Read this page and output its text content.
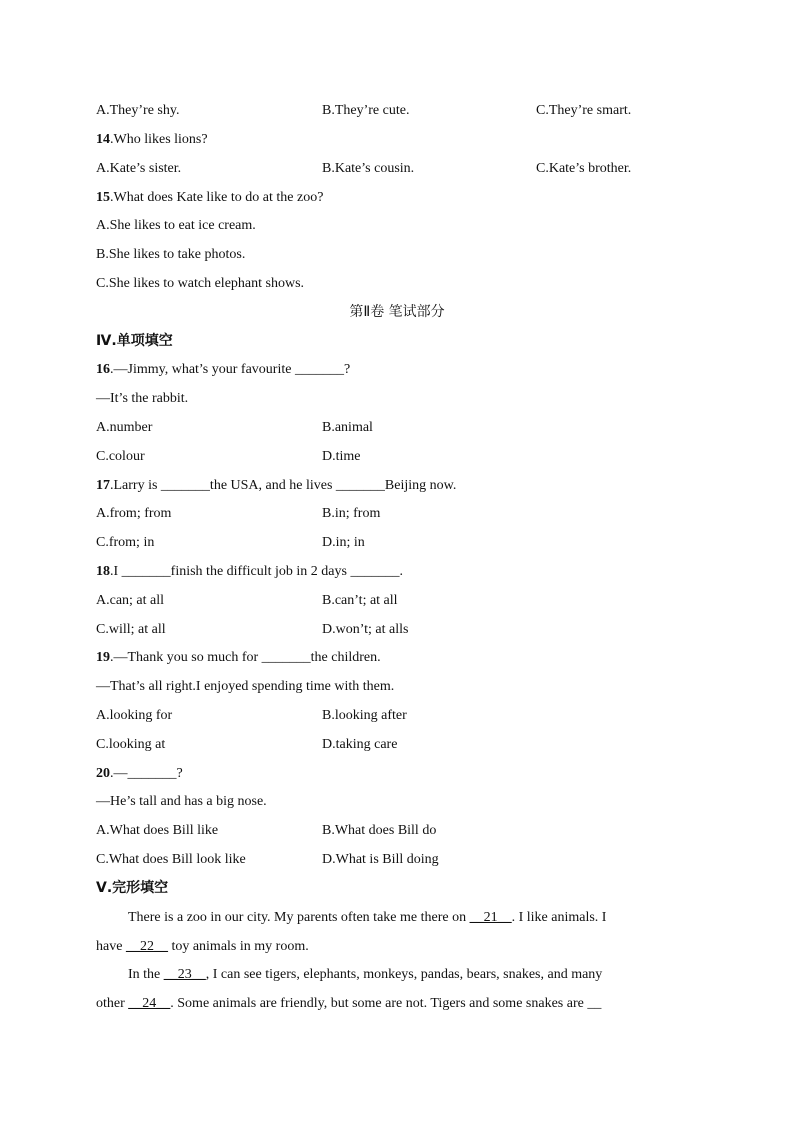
A.They’re shy.	B.They’re cute.	C.They’re smart.
14.Who likes lions?
A.Kate’s sister.	B.Kate’s cousin.	C.Kate’s brother.
15.What does Kate like to do at the zoo?
A.She likes to eat ice cream.
B.She likes to take photos.
C.She likes to watch elephant shows.
第Ⅱ卷 笔试部分
Ⅳ.单项填空
16.—Jimmy, what’s your favourite _______?
—It’s the rabbit.
A.number	B.animal
C.colour	D.time
17.Larry is _______the USA, and he lives _______Beijing now.
A.from; from	B.in; from
C.from; in	D.in; in
18.I _______finish the difficult job in 2 days _______.
A.can; at all	B.can’t; at all
C.will; at all	D.won’t; at alls
19.—Thank you so much for _______the children.
—That’s all right.I enjoyed spending time with them.
A.looking for	B.looking after
C.looking at	D.taking care
20.—_______?
—He’s tall and has a big nose.
A.What does Bill like	B.What does Bill do
C.What does Bill look like	D.What is Bill doing
Ⅴ.完形填空
There is a zoo in our city. My parents often take me there on __21__. I like animals. I
have __22__ toy animals in my room.
In the __23__, I can see tigers, elephants, monkeys, pandas, bears, snakes, and many
other __24__. Some animals are friendly, but some are not. Tigers and some snakes are __
